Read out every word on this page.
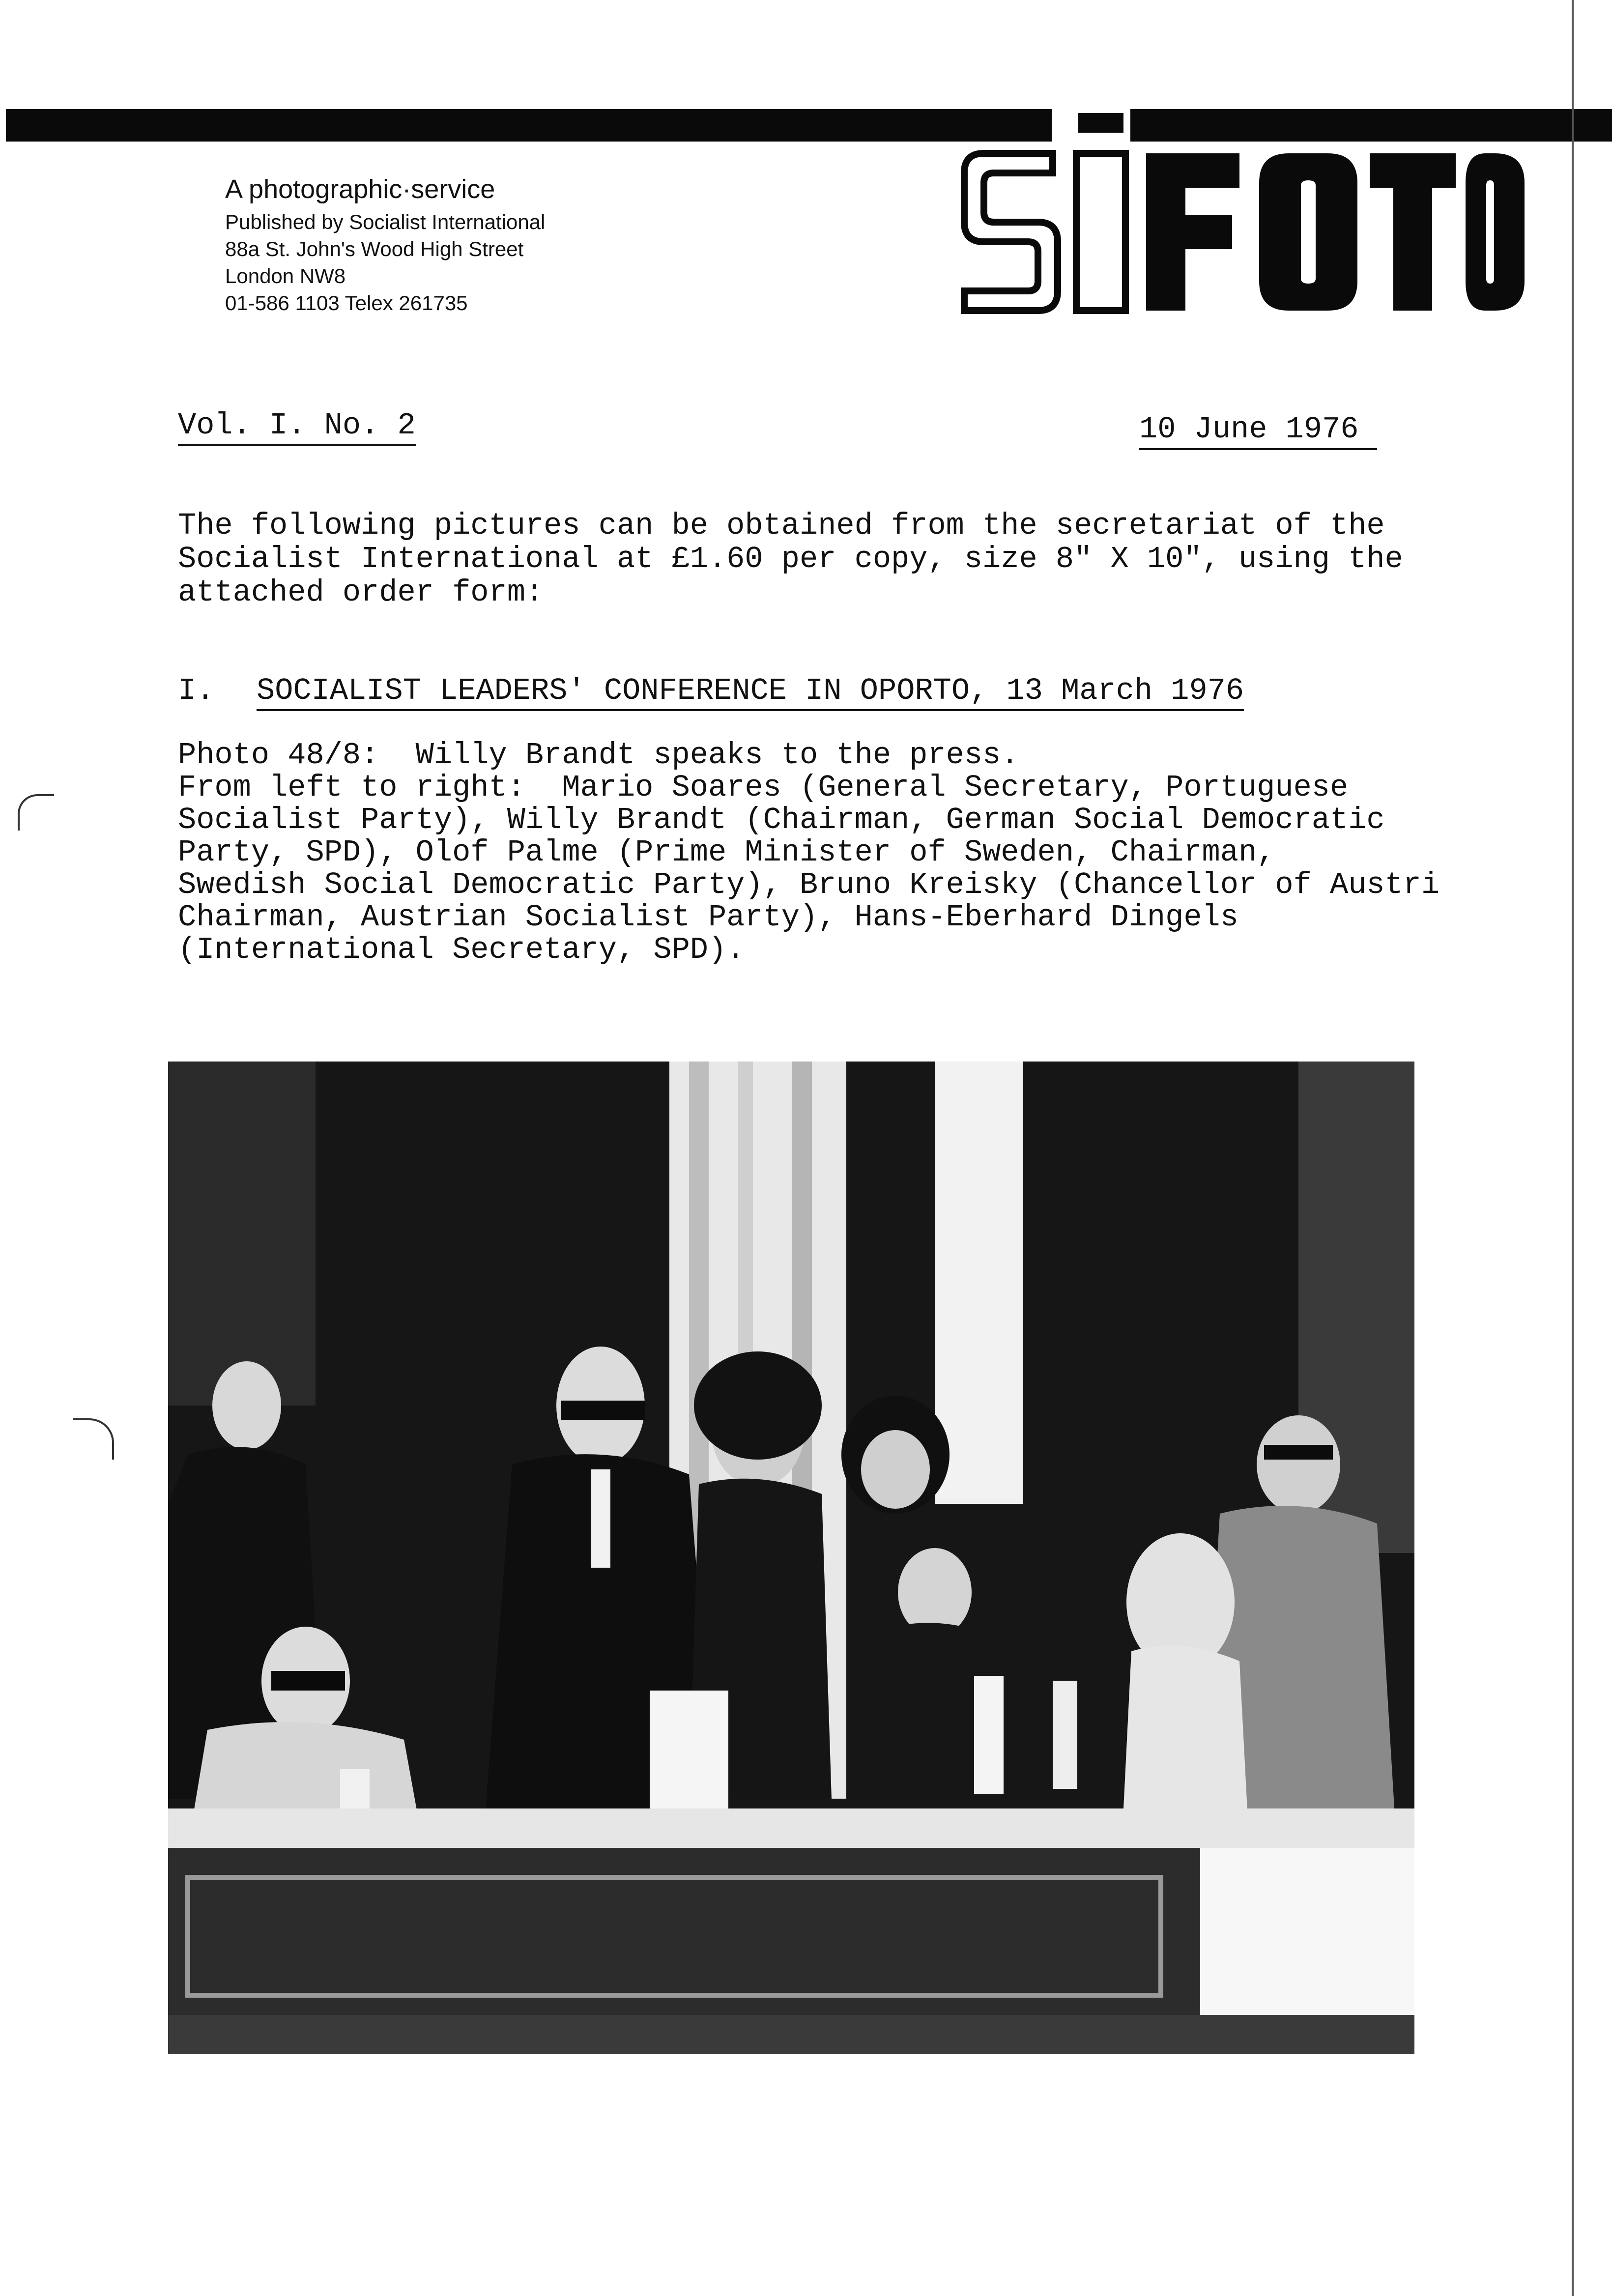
A photographic·service

Published by Socialist International

88a St. John's Wood High Street

London NW8

01-586 1103 Telex 261735

Vol. I. No. 2	10 June 1976
The following pictures can be obtained from the secretariat of the
Socialist International at £1.60 per copy, size 8" X 10", using the
attached order form:
I. SOCIALIST LEADERS' CONFERENCE IN OPORTO, 13 March 1976
Photo 48/8:  Willy Brandt speaks to the press.
From left to right:  Mario Soares (General Secretary, Portuguese
Socialist Party), Willy Brandt (Chairman, German Social Democratic
Party, SPD), Olof Palme (Prime Minister of Sweden, Chairman,
Swedish Social Democratic Party), Bruno Kreisky (Chancellor of Austri
Chairman, Austrian Socialist Party), Hans-Eberhard Dingels
(International Secretary, SPD).
